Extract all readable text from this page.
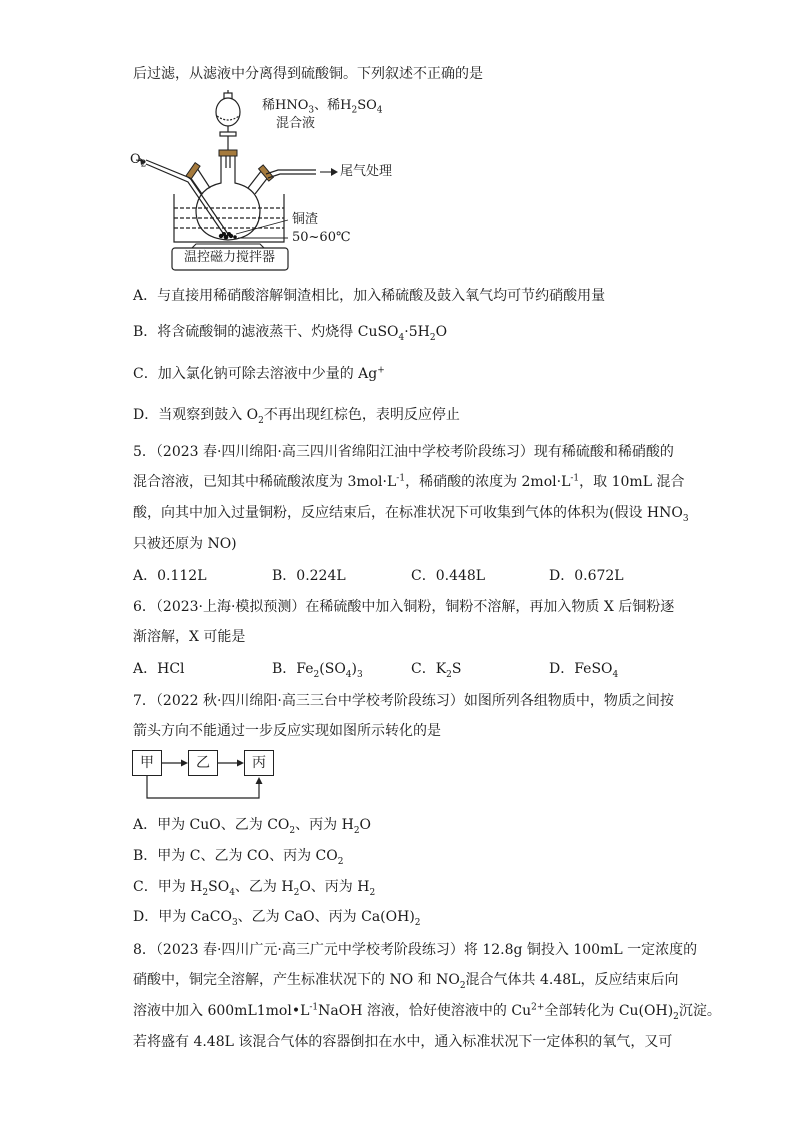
后过滤，从滤液中分离得到硫酸铜。下列叙述不正确的是
稀$HNO_3$、稀$H_2SO_4$
混合液
$O_2$	尾气处理
铜渣
50~60℃
温控磁力搅拌器
A．与直接用稀硝酸溶解铜渣相比，加入稀硫酸及鼓入氧气均可节约硝酸用量
B．将含硫酸铜的滤液蒸干、灼烧得 $CuSO_4\cdot 5H_2O$
C．加入氯化钠可除去溶液中少量的 Ag+
D．当观察到鼓入 $O_2$不再出现红棕色，表明反应停止
5．（2023 春·四川绵阳·高三四川省绵阳江油中学校考阶段练习）现有稀硫酸和稀硝酸的
混合溶液，已知其中稀硫酸浓度为 $3mol\cdot L^{-1}$，稀硝酸的浓度为 $2mol\cdot L^{-1}$，取 10mL 混合
酸，向其中加入过量铜粉，反应结束后，在标准状况下可收集到气体的体积为(假设 $HNO_3$
只被还原为 NO)
A．0.112L	B．0.224L	C．0.448L	D．0.672L
6．（2023·上海·模拟预测）在稀硫酸中加入铜粉，铜粉不溶解，再加入物质 X 后铜粉逐
渐溶解，X 可能是
A．HCl	B．$Fe_2(SO_4)_3$	C．$K_2S$	D．FeSO$_4$
7．（2022 秋·四川绵阳·高三三台中学校考阶段练习）如图所列各组物质中，物质之间按
箭头方向不能通过一步反应实现如图所示转化的是
甲	乙	丙
A．甲为 CuO、乙为 $CO_2$、丙为 $H_2O$
B．甲为 C、乙为 CO、丙为 $CO_2$
C．甲为 $H_2SO_4$、乙为 $H_2O$、丙为 $H_2$
D．甲为 CaCO$_3$、乙为 CaO、丙为 $Ca(OH)_2$
8．（2023 春·四川广元·高三广元中学校考阶段练习）将 12.8g 铜投入 100mL 一定浓度的
硝酸中，铜完全溶解，产生标准状况下的 NO 和 $NO_2$混合气体共 4.48L，反应结束后向
溶液中加入 $600mL1mol•L^{-1}NaOH$ 溶液，恰好使溶液中的 $Cu^{2+}$全部转化为 $Cu(OH)_2$沉淀。
若将盛有 4.48L 该混合气体的容器倒扣在水中，通入标准状况下一定体积的氧气，又可
